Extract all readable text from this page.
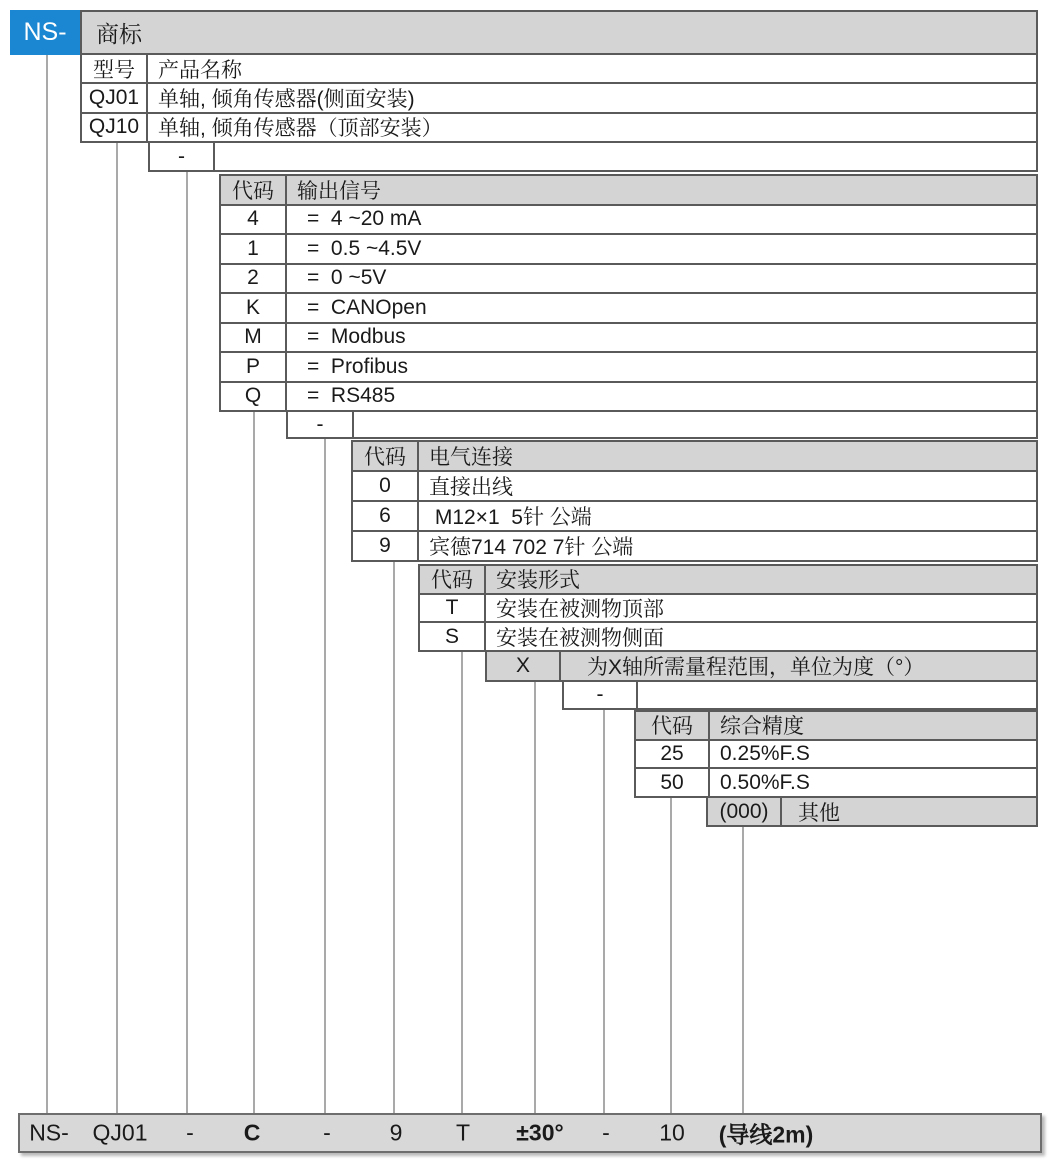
NS- 商标
型号	产品名称
QJ01 单轴, 倾角传感器(侧面安装)
QJ10 单轴, 倾角传感器（顶部安装）
-
代码	输出信号
4	=  4 ~20 mA
1	=  0.5 ~4.5V
2	=  0 ~5V
K	=  CANOpen
M	=  Modbus
P	=  Profibus
Q	=  RS485
-
代码	电气连接
0	直接出线
6	M12×1  5针 公端
9	宾德714 702 7针 公端
代码	安装形式
T	安装在被测物顶部
S	安装在被测物侧面
X	为X轴所需量程范围，单位为度（°）
-
代码	综合精度
25	0.25%F.S
50	0.50%F.S
(000)	其他
NS- QJ01 - C	-	9 T ±30° - 10 (导线2m)
